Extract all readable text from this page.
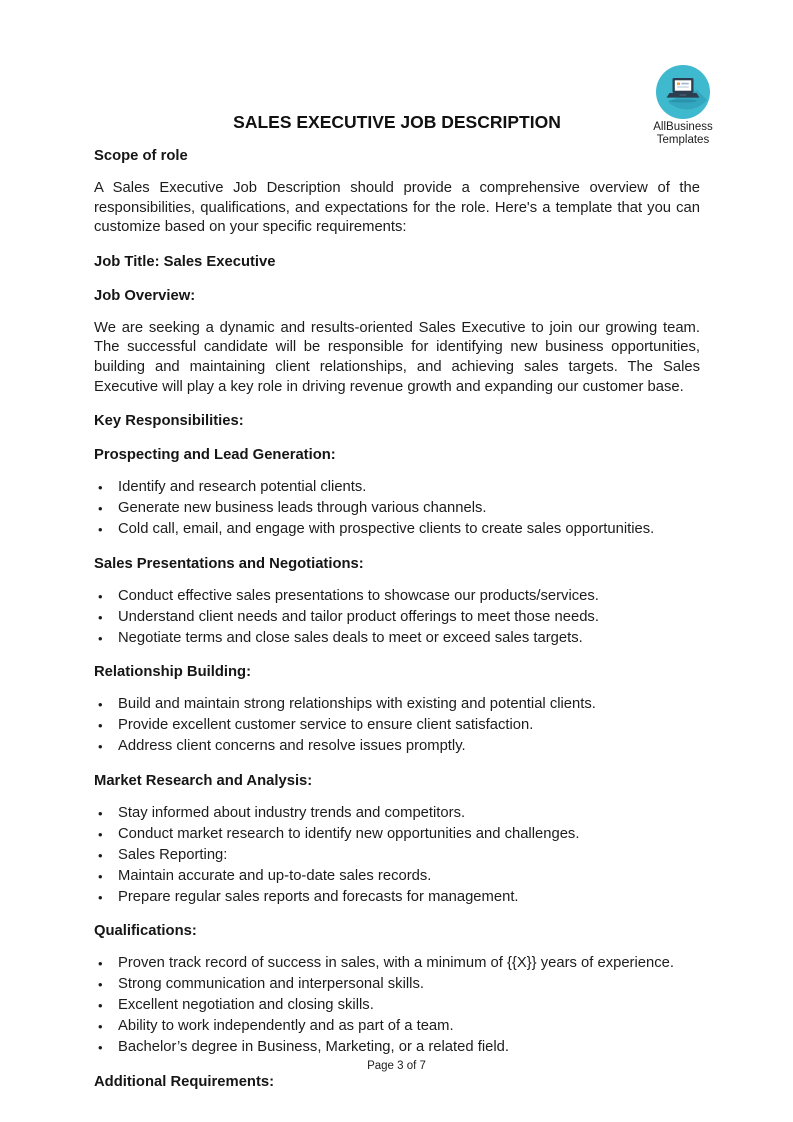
AllBusiness
Templates
SALES EXECUTIVE JOB DESCRIPTION
Scope of role

A Sales Executive Job Description should provide a comprehensive overview of the responsibilities, qualifications, and expectations for the role. Here's a template that you can customize based on your specific requirements:

Job Title: Sales Executive
Job Overview:

We are seeking a dynamic and results-oriented Sales Executive to join our growing team. The successful candidate will be responsible for identifying new business opportunities, building and maintaining client relationships, and achieving sales targets. The Sales Executive will play a key role in driving revenue growth and expanding our customer base.

Key Responsibilities:
Prospecting and Lead Generation:
• Identify and research potential clients.
• Generate new business leads through various channels.
• Cold call, email, and engage with prospective clients to create sales opportunities.
Sales Presentations and Negotiations:
• Conduct effective sales presentations to showcase our products/services.
• Understand client needs and tailor product offerings to meet those needs.
• Negotiate terms and close sales deals to meet or exceed sales targets.
Relationship Building:
• Build and maintain strong relationships with existing and potential clients.
• Provide excellent customer service to ensure client satisfaction.
• Address client concerns and resolve issues promptly.
Market Research and Analysis:
• Stay informed about industry trends and competitors.
• Conduct market research to identify new opportunities and challenges.
• Sales Reporting:
• Maintain accurate and up-to-date sales records.
• Prepare regular sales reports and forecasts for management.
Qualifications:
• Proven track record of success in sales, with a minimum of {{X}} years of experience.
• Strong communication and interpersonal skills.
• Excellent negotiation and closing skills.
• Ability to work independently and as part of a team.
• Bachelor’s degree in Business, Marketing, or a related field.
Additional Requirements:
Page 3 of 7
